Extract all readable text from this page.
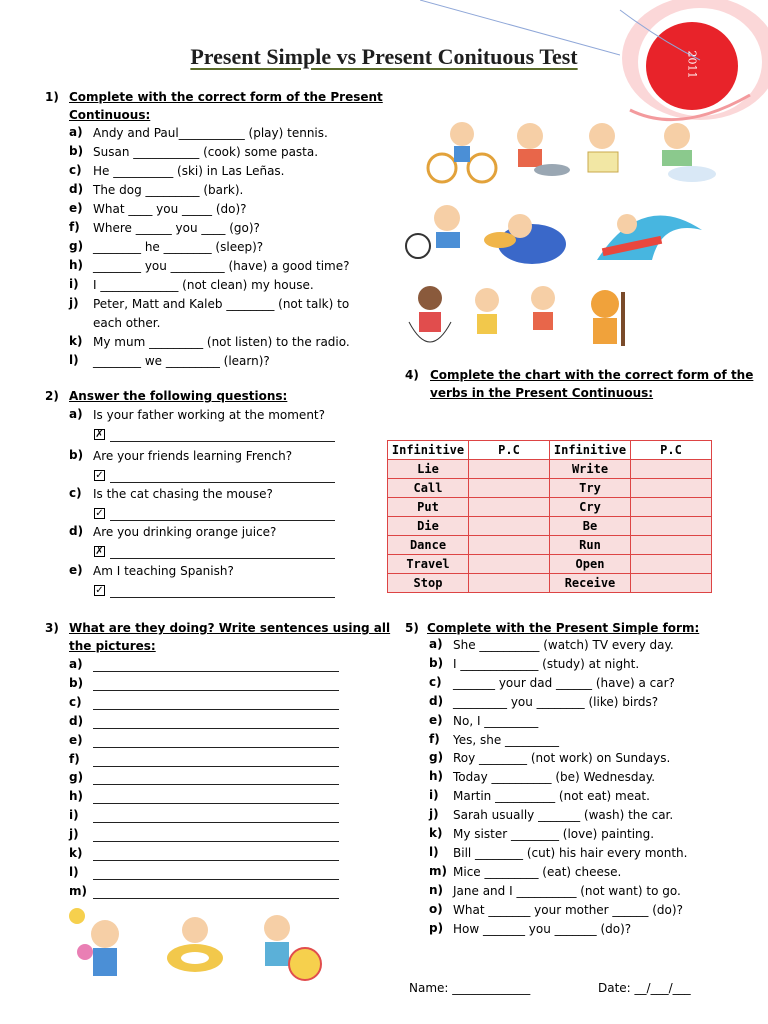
2011
Present Simple vs Present Conituous Test
1) Complete with the correct form of the Present
Continuous:
a) Andy and Paul___________ (play) tennis.
b) Susan ___________ (cook) some pasta.
c) He __________ (ski) in Las Leñas.
d) The dog _________ (bark).
e) What ____ you _____ (do)?
f) Where ______ you ____ (go)?
g) ________ he ________ (sleep)?
h) ________ you _________ (have) a good time?
i) I _____________ (not clean) my house.
j) Peter, Matt and Kaleb ________ (not talk) to
each other.
k) My mum _________ (not listen) to the radio.
l) ________ we _________ (learn)?
2) Answer the following questions:
a) Is your father working at the moment?
✗
b) Are your friends learning French?
✓
c) Is the cat chasing the mouse?
✓
d) Are you drinking orange juice?
✗
e) Am I teaching Spanish?
✓
3) What are they doing? Write sentences using all
the pictures:
a)
b)
c)
d)
e)
f)
g)
h)
i)
j)
k)
l)
m)
4) Complete the chart with the correct form of the
verbs in the Present Continuous:
Infinitive	P.C	Infinitive	P.C
Lie		Write	
Call		Try	
Put		Cry	
Die		Be	
Dance		Run	
Travel		Open	
Stop		Receive	
5) Complete with the Present Simple form:
a) She __________ (watch) TV every day.
b) I _____________ (study) at night.
c) _______ your dad ______ (have) a car?
d) _________ you ________ (like) birds?
e) No, I _________
f) Yes, she _________
g) Roy ________ (not work) on Sundays.
h) Today __________ (be) Wednesday.
i) Martin __________ (not eat) meat.
j) Sarah usually _______ (wash) the car.
k) My sister ________ (love) painting.
l) Bill ________ (cut) his hair every month.
m) Mice _________ (eat) cheese.
n) Jane and I __________ (not want) to go.
o) What _______ your mother ______ (do)?
p) How _______ you _______ (do)?
Name: _____________	Date: __/___/___
